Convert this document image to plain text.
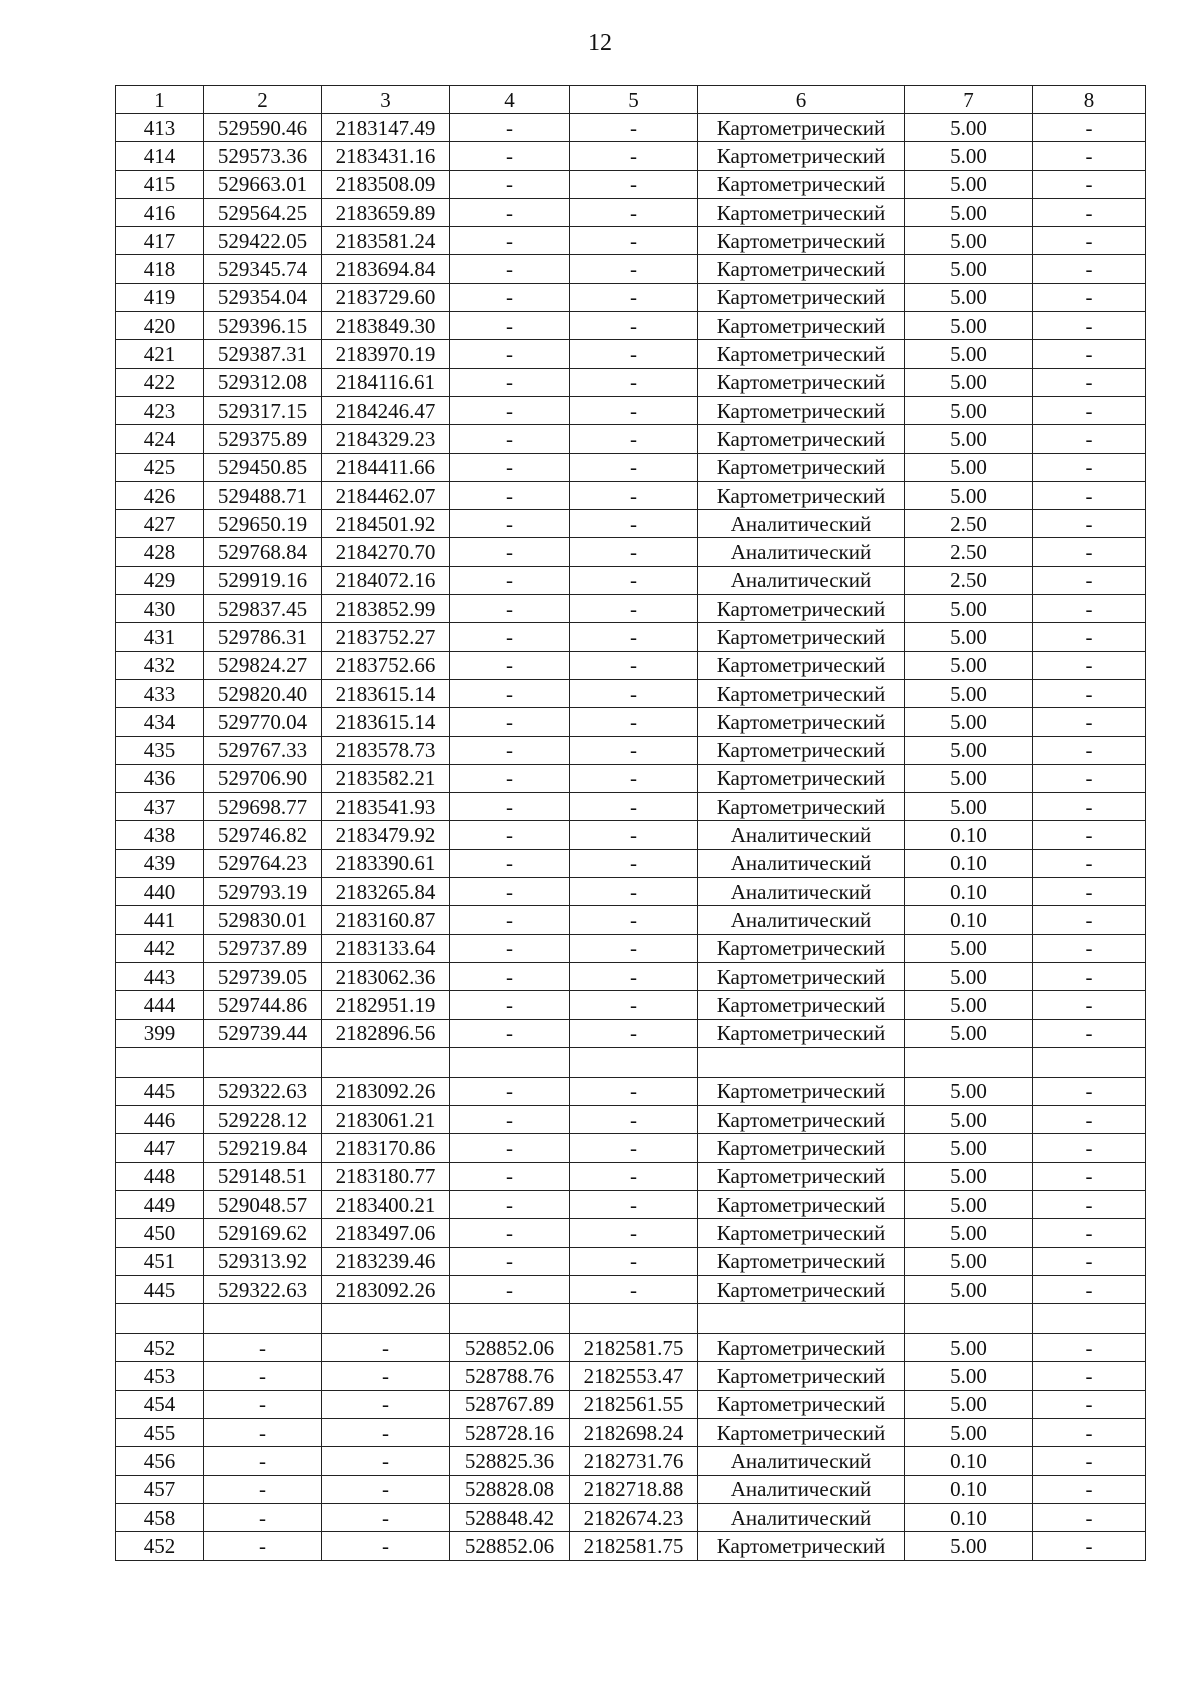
12
1	2	3	4	5	6	7	8
413	529590.46	2183147.49	-	-	Картометрический	5.00	-
414	529573.36	2183431.16	-	-	Картометрический	5.00	-
415	529663.01	2183508.09	-	-	Картометрический	5.00	-
416	529564.25	2183659.89	-	-	Картометрический	5.00	-
417	529422.05	2183581.24	-	-	Картометрический	5.00	-
418	529345.74	2183694.84	-	-	Картометрический	5.00	-
419	529354.04	2183729.60	-	-	Картометрический	5.00	-
420	529396.15	2183849.30	-	-	Картометрический	5.00	-
421	529387.31	2183970.19	-	-	Картометрический	5.00	-
422	529312.08	2184116.61	-	-	Картометрический	5.00	-
423	529317.15	2184246.47	-	-	Картометрический	5.00	-
424	529375.89	2184329.23	-	-	Картометрический	5.00	-
425	529450.85	2184411.66	-	-	Картометрический	5.00	-
426	529488.71	2184462.07	-	-	Картометрический	5.00	-
427	529650.19	2184501.92	-	-	Аналитический	2.50	-
428	529768.84	2184270.70	-	-	Аналитический	2.50	-
429	529919.16	2184072.16	-	-	Аналитический	2.50	-
430	529837.45	2183852.99	-	-	Картометрический	5.00	-
431	529786.31	2183752.27	-	-	Картометрический	5.00	-
432	529824.27	2183752.66	-	-	Картометрический	5.00	-
433	529820.40	2183615.14	-	-	Картометрический	5.00	-
434	529770.04	2183615.14	-	-	Картометрический	5.00	-
435	529767.33	2183578.73	-	-	Картометрический	5.00	-
436	529706.90	2183582.21	-	-	Картометрический	5.00	-
437	529698.77	2183541.93	-	-	Картометрический	5.00	-
438	529746.82	2183479.92	-	-	Аналитический	0.10	-
439	529764.23	2183390.61	-	-	Аналитический	0.10	-
440	529793.19	2183265.84	-	-	Аналитический	0.10	-
441	529830.01	2183160.87	-	-	Аналитический	0.10	-
442	529737.89	2183133.64	-	-	Картометрический	5.00	-
443	529739.05	2183062.36	-	-	Картометрический	5.00	-
444	529744.86	2182951.19	-	-	Картометрический	5.00	-
399	529739.44	2182896.56	-	-	Картометрический	5.00	-

445	529322.63	2183092.26	-	-	Картометрический	5.00	-
446	529228.12	2183061.21	-	-	Картометрический	5.00	-
447	529219.84	2183170.86	-	-	Картометрический	5.00	-
448	529148.51	2183180.77	-	-	Картометрический	5.00	-
449	529048.57	2183400.21	-	-	Картометрический	5.00	-
450	529169.62	2183497.06	-	-	Картометрический	5.00	-
451	529313.92	2183239.46	-	-	Картометрический	5.00	-
445	529322.63	2183092.26	-	-	Картометрический	5.00	-

452	-	-	528852.06	2182581.75	Картометрический	5.00	-
453	-	-	528788.76	2182553.47	Картометрический	5.00	-
454	-	-	528767.89	2182561.55	Картометрический	5.00	-
455	-	-	528728.16	2182698.24	Картометрический	5.00	-
456	-	-	528825.36	2182731.76	Аналитический	0.10	-
457	-	-	528828.08	2182718.88	Аналитический	0.10	-
458	-	-	528848.42	2182674.23	Аналитический	0.10	-
452	-	-	528852.06	2182581.75	Картометрический	5.00	-
